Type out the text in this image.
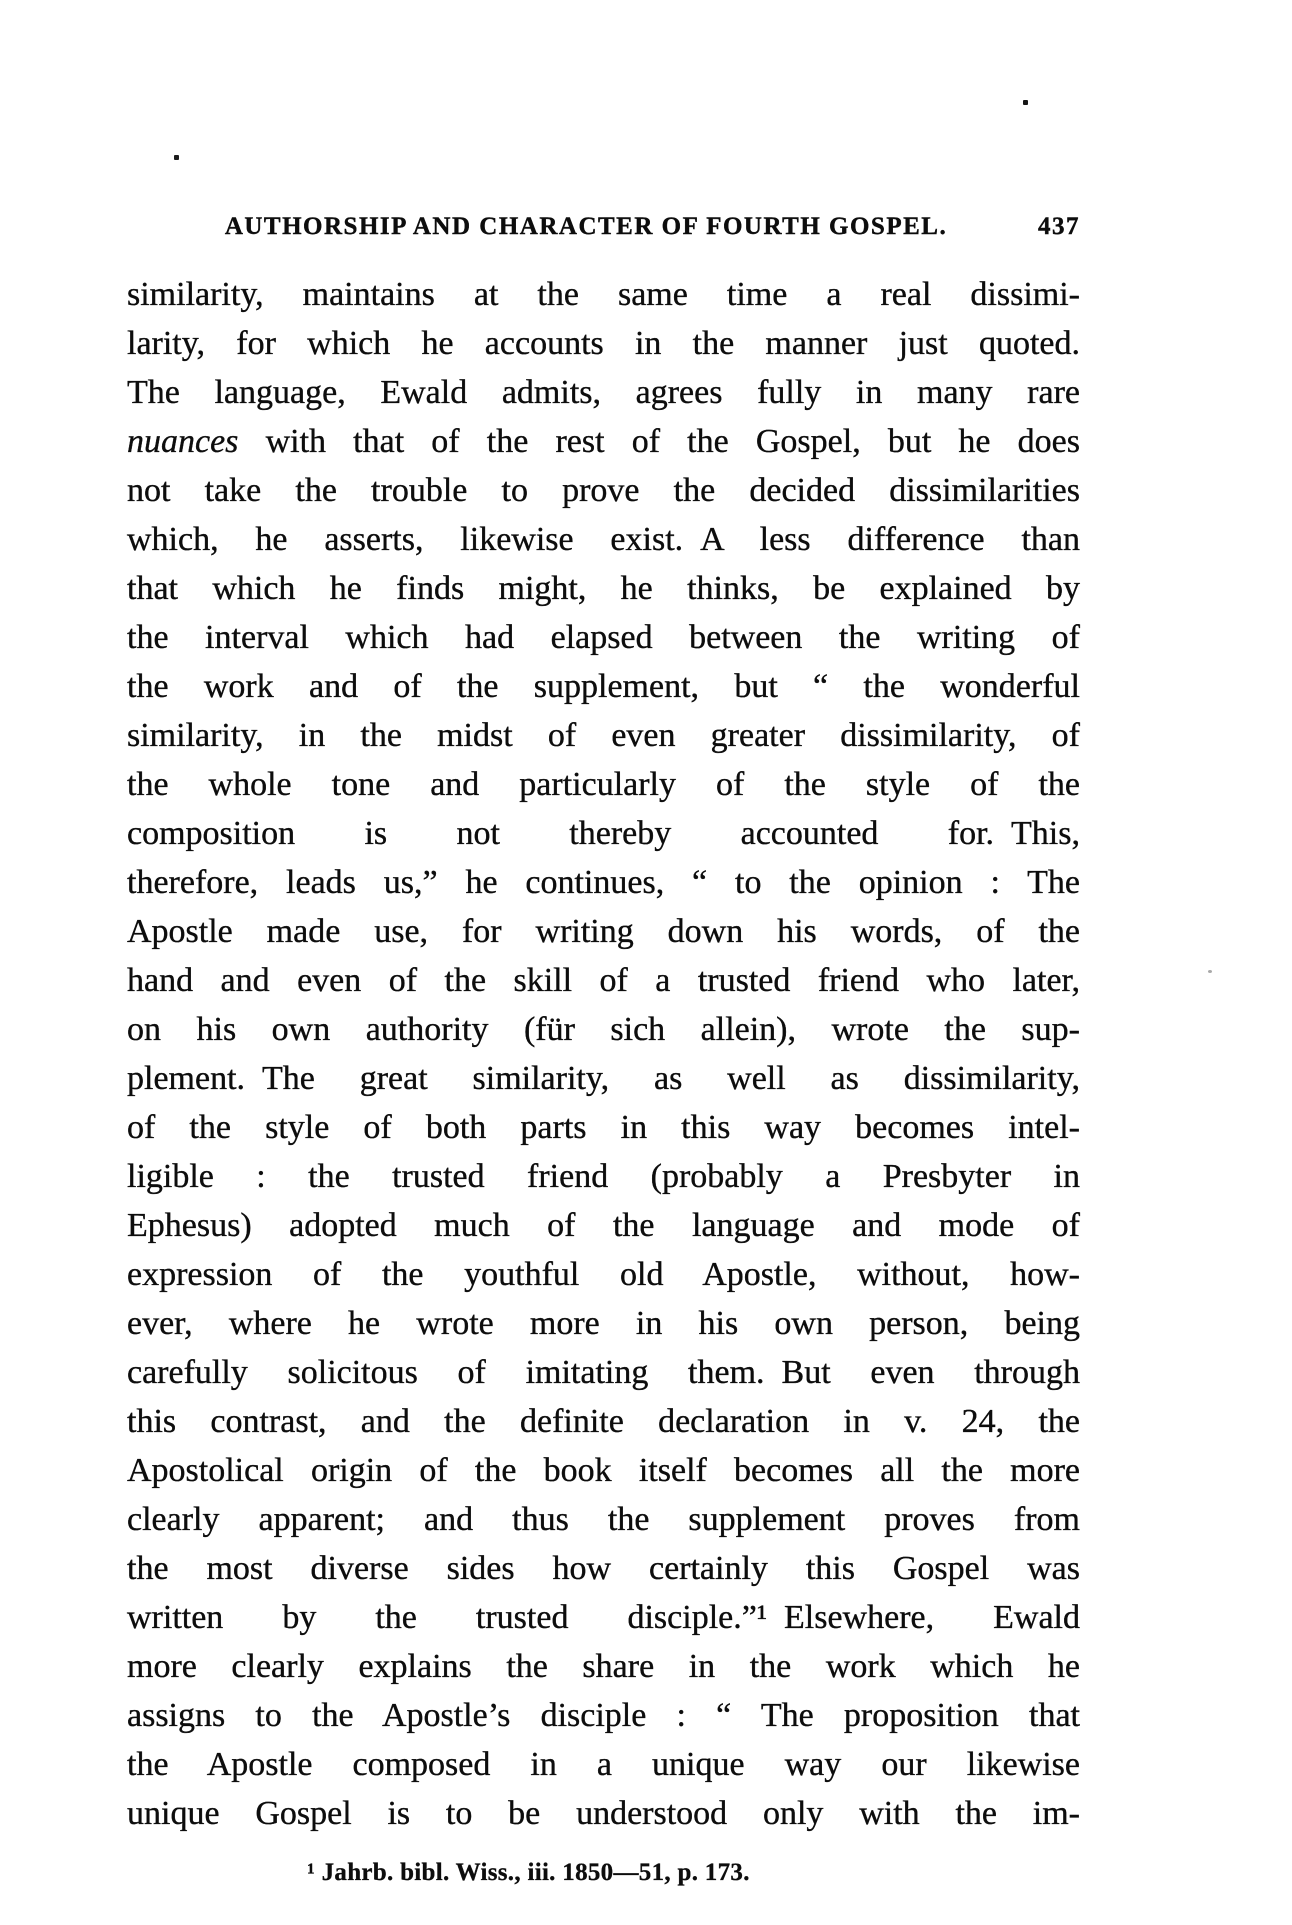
AUTHORSHIP AND CHARACTER OF FOURTH GOSPEL.	437
similarity, maintains at the same time a real dissimi-
larity, for which he accounts in the manner just quoted.
The language, Ewald admits, agrees fully in many rare
nuances with that of the rest of the Gospel, but he does
not take the trouble to prove the decided dissimilarities
which, he asserts, likewise exist. A less difference than
that which he finds might, he thinks, be explained by
the interval which had elapsed between the writing of
the work and of the supplement, but “ the wonderful
similarity, in the midst of even greater dissimilarity, of
the whole tone and particularly of the style of the
composition is not thereby accounted for. This,
therefore, leads us,” he continues, “ to the opinion : The
Apostle made use, for writing down his words, of the
hand and even of the skill of a trusted friend who later,
on his own authority (für sich allein), wrote the sup-
plement. The great similarity, as well as dissimilarity,
of the style of both parts in this way becomes intel-
ligible : the trusted friend (probably a Presbyter in
Ephesus) adopted much of the language and mode of
expression of the youthful old Apostle, without, how-
ever, where he wrote more in his own person, being
carefully solicitous of imitating them. But even through
this contrast, and the definite declaration in v. 24, the
Apostolical origin of the book itself becomes all the more
clearly apparent; and thus the supplement proves from
the most diverse sides how certainly this Gospel was
written by the trusted disciple.”¹ Elsewhere, Ewald
more clearly explains the share in the work which he
assigns to the Apostle’s disciple : “ The proposition that
the Apostle composed in a unique way our likewise
unique Gospel is to be understood only with the im-
¹ Jahrb. bibl. Wiss., iii. 1850—51, p. 173.
